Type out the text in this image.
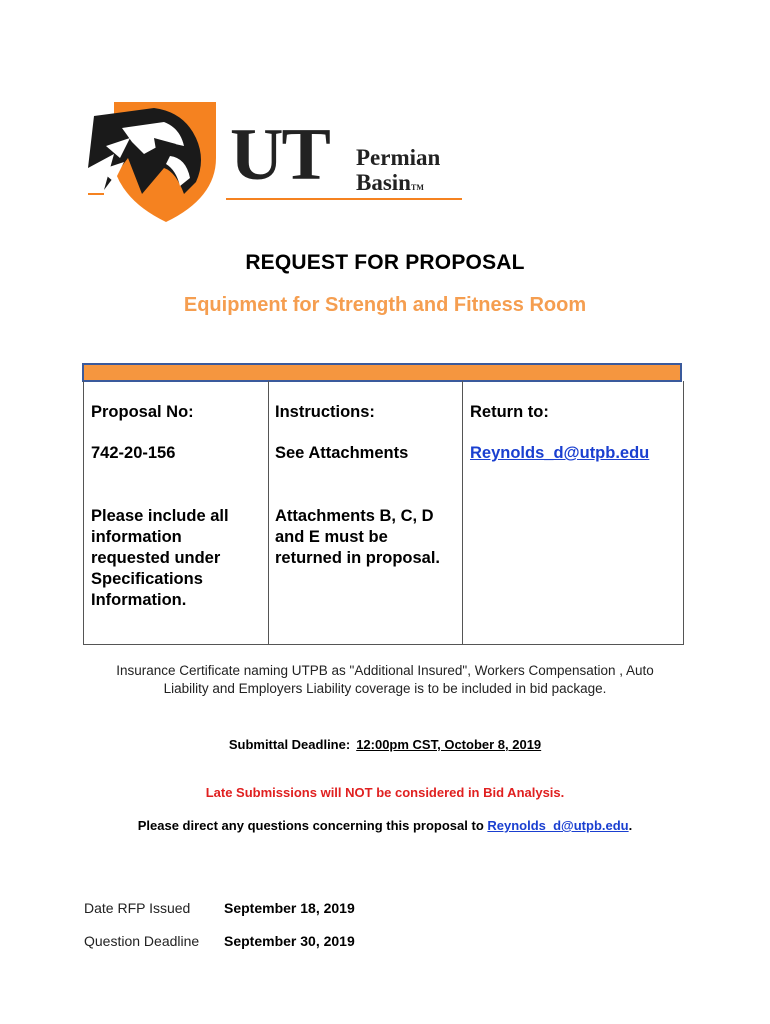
UT Permian
BasinTM
REQUEST FOR PROPOSAL
Equipment for Strength and Fitness Room
Proposal No:
742-20-156
Please include all
information
requested under
Specifications
Information.
Instructions:
See Attachments
Attachments B, C, D
and E must be
returned in proposal.
Return to:
Reynolds_d@utpb.edu
Insurance Certificate naming UTPB as "Additional Insured", Workers Compensation , Auto
Liability and Employers Liability coverage is to be included in bid package.
Submittal Deadline: 12:00pm CST, October 8, 2019
Late Submissions will NOT be considered in Bid Analysis.
Please direct any questions concerning this proposal to Reynolds_d@utpb.edu.
Date RFP Issued September 18, 2019
Question Deadline September 30, 2019
